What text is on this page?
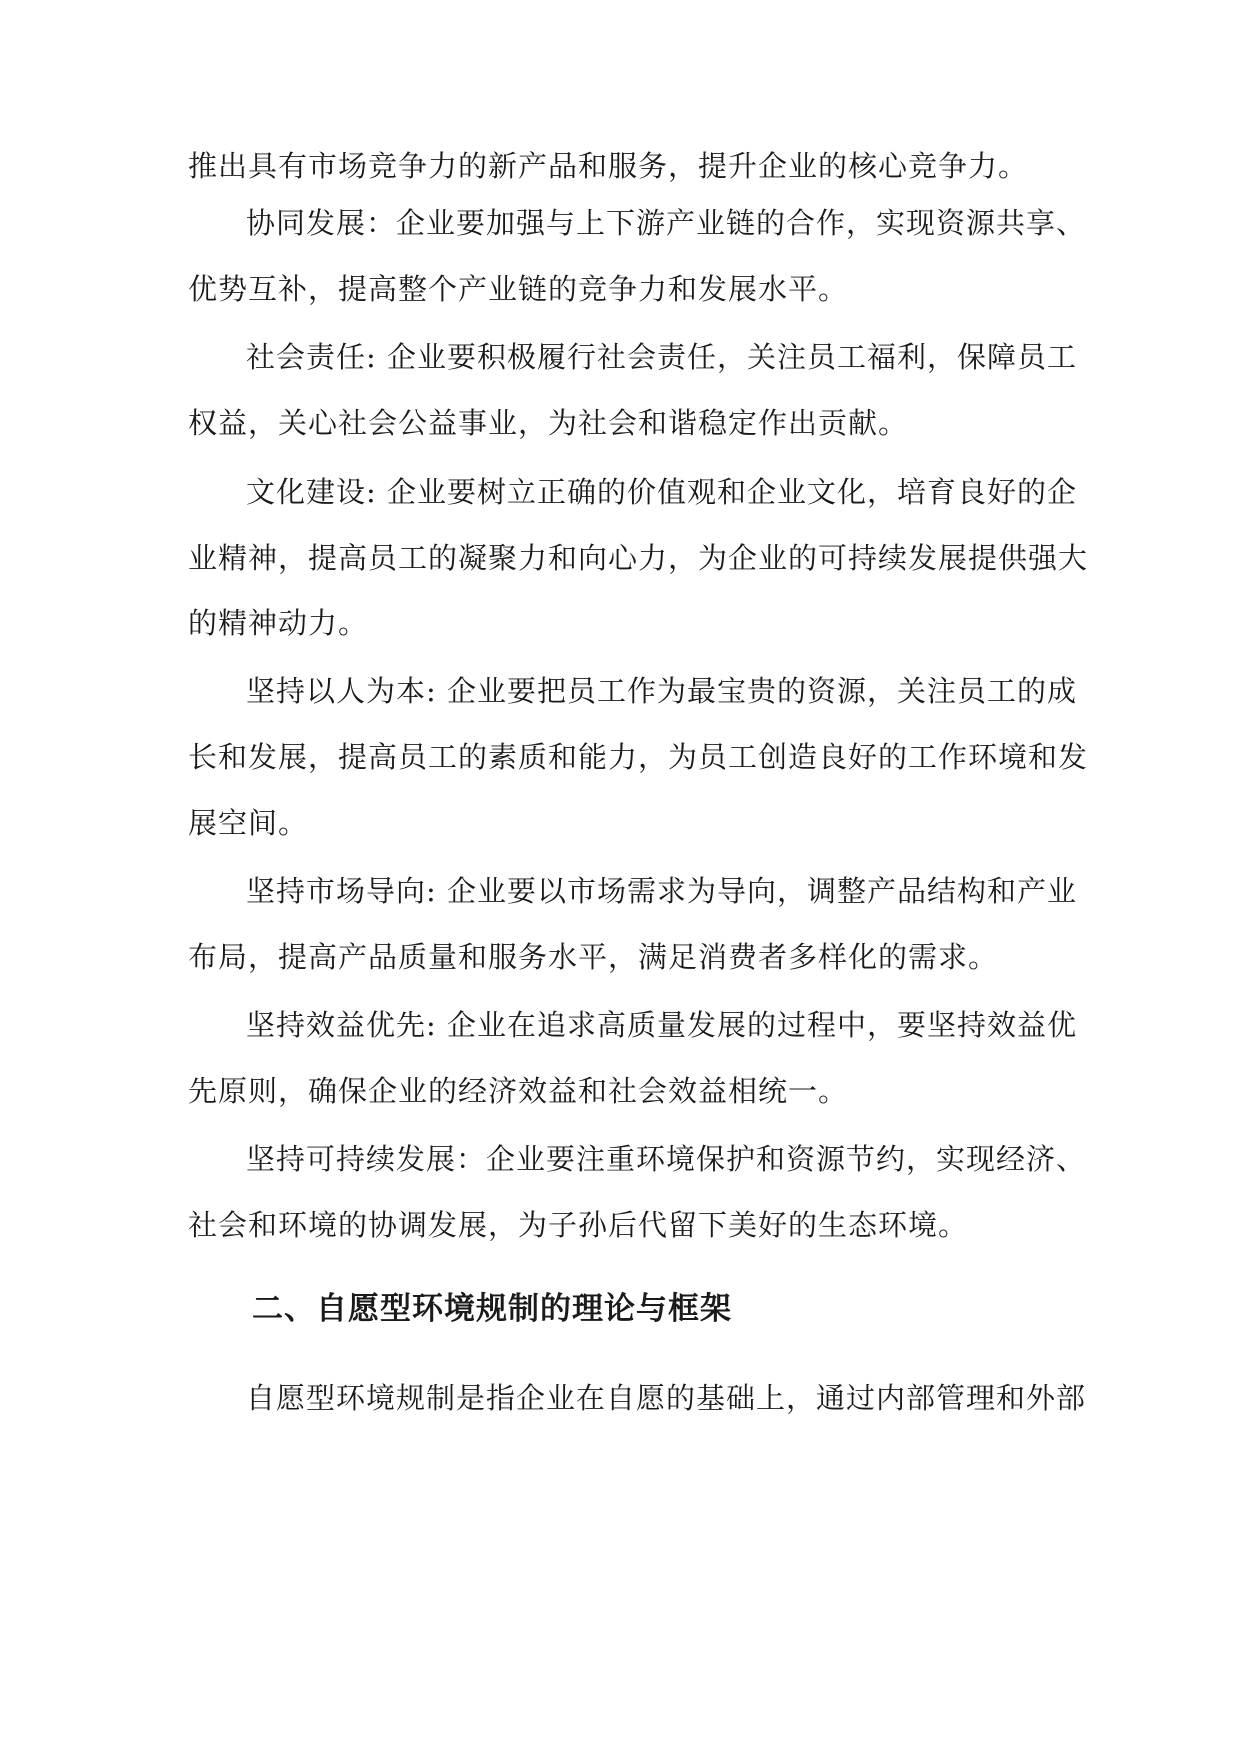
推出具有市场竞争力的新产品和服务，提升企业的核心竞争力。
协同发展：企业要加强与上下游产业链的合作，实现资源共享、
优势互补，提高整个产业链的竞争力和发展水平。
社会责任: 企业要积极履行社会责任，关注员工福利，保障员工
权益，关心社会公益事业，为社会和谐稳定作出贡献。
文化建设: 企业要树立正确的价值观和企业文化，培育良好的企
业精神，提高员工的凝聚力和向心力，为企业的可持续发展提供强大
的精神动力。
坚持以人为本: 企业要把员工作为最宝贵的资源，关注员工的成
长和发展，提高员工的素质和能力，为员工创造良好的工作环境和发
展空间。
坚持市场导向: 企业要以市场需求为导向，调整产品结构和产业
布局，提高产品质量和服务水平，满足消费者多样化的需求。
坚持效益优先: 企业在追求高质量发展的过程中，要坚持效益优
先原则，确保企业的经济效益和社会效益相统一。
坚持可持续发展：企业要注重环境保护和资源节约，实现经济、
社会和环境的协调发展，为子孙后代留下美好的生态环境。
二、自愿型环境规制的理论与框架
自愿型环境规制是指企业在自愿的基础上，通过内部管理和外部
